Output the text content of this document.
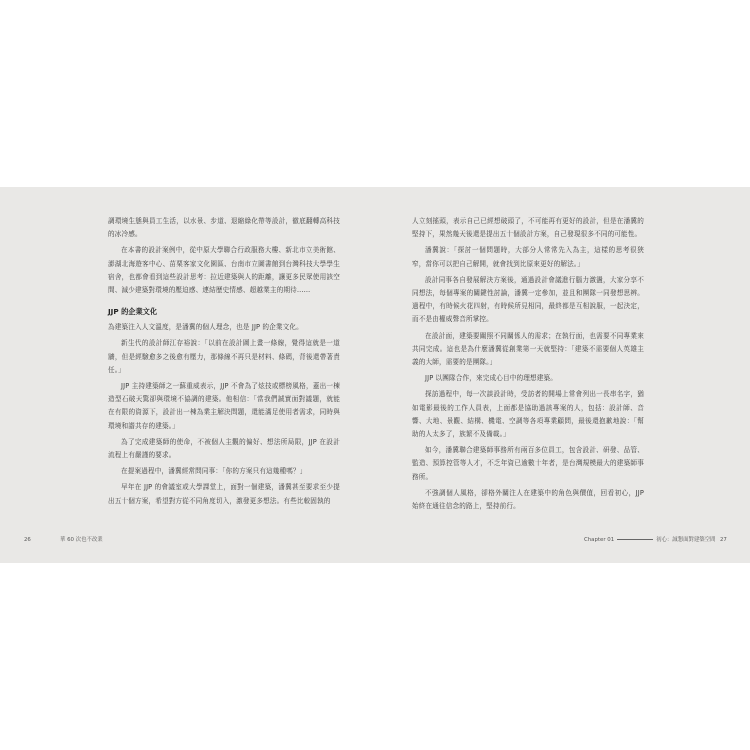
調環境生態與員工生活，以水景、步道、退縮綠化帶等設計，徹底翻轉高科技的冰冷感。

在本書的設計案例中，從中原大學聯合行政服務大樓、新北市立美術館、澎湖北海遊客中心、苗栗客家文化園區、台南市立圖書館到台灣科技大學學生宿舍，也都會看到這些設計思考：拉近建築與人的距離，讓更多民眾使用該空間、減少建築對環境的壓迫感、連結歷史情感、超越業主的期待……

JJP 的企業文化

為建築注入人文溫度，是潘冀的個人理念，也是 JJP 的企業文化。

新生代的設計師江存裕說：「以前在設計圖上畫一條線，覺得這就是一道牆，但是經驗愈多之後愈有壓力，那條線不再只是材料、條碼，背後還帶著責任。」

JJP 主持建築師之一蘇重威表示，JJP 不會為了炫技或標榜風格，蓋出一棟造型石破天驚卻與環境不協調的建築。他相信：「當我們誠實面對議題，就能在有限的資源下，設計出一棟為業主解決問題，還能滿足使用者需求，同時與環境和諧共存的建築。」

為了完成建築師的使命，不被個人主觀的偏好、想法所局限，JJP 在設計流程上有嚴謹的要求。

在提案過程中，潘冀經常問同事：「你的方案只有這幾種嗎？」

早年在 JJP 的會議室或大學課堂上，面對一個建築，潘冀甚至要求至少提出五十個方案，希望對方從不同角度切入，激發更多想法。有些比較固執的

26	華 60 次也不改業

人立刻搖頭，表示自己已經想破頭了，不可能再有更好的設計，但是在潘冀的堅持下，果然幾天後還是提出五十個設計方案，自己發現很多不同的可能性。

潘冀說：「探討一個問題時，大部分人常常先入為主，這樣的思考很狹窄，當你可以把自己解開，就會找到比原來更好的解法。」

設計同事各自發展解決方案後，通過設計會議進行腦力激盪，大家分享不同想法，每個專案的關鍵性討論，潘冀一定參加，並且和團隊一同發想思辨。過程中，有時候火花四射，有時候所見相同，最終都是互相說服，一起決定，而不是由權威聲音所掌控。

在設計面，建築要關照不同關係人的需求；在執行面，也需要不同專業來共同完成。這也是為什麼潘冀從創業第一天就堅持：「建築不需要個人英雄主義的大師，需要的是團隊。」

JJP 以團隊合作，來完成心目中的理想建築。

探訪過程中，每一次談設計時，受訪者的開場上常會列出一長串名字，猶如電影最後的工作人員表，上面都是協助過該專案的人，包括：設計師、音響、大地、景觀、結構、機電、空調等各項專業顧問，最後還抱歉地說：「幫助的人太多了，族繁不及備載。」

如今，潘冀聯合建築師事務所有兩百多位員工，包含設計、研發、品管、監造、預算控管等人才，不乏年資已逾數十年者，是台灣規模最大的建築師事務所。

不強調個人風格，卻格外關注人在建築中的角色與價值，回看初心，JJP 始終在通往信念的路上，堅持前行。

Chapter 01	初心：誠懇面對建築空間 27
